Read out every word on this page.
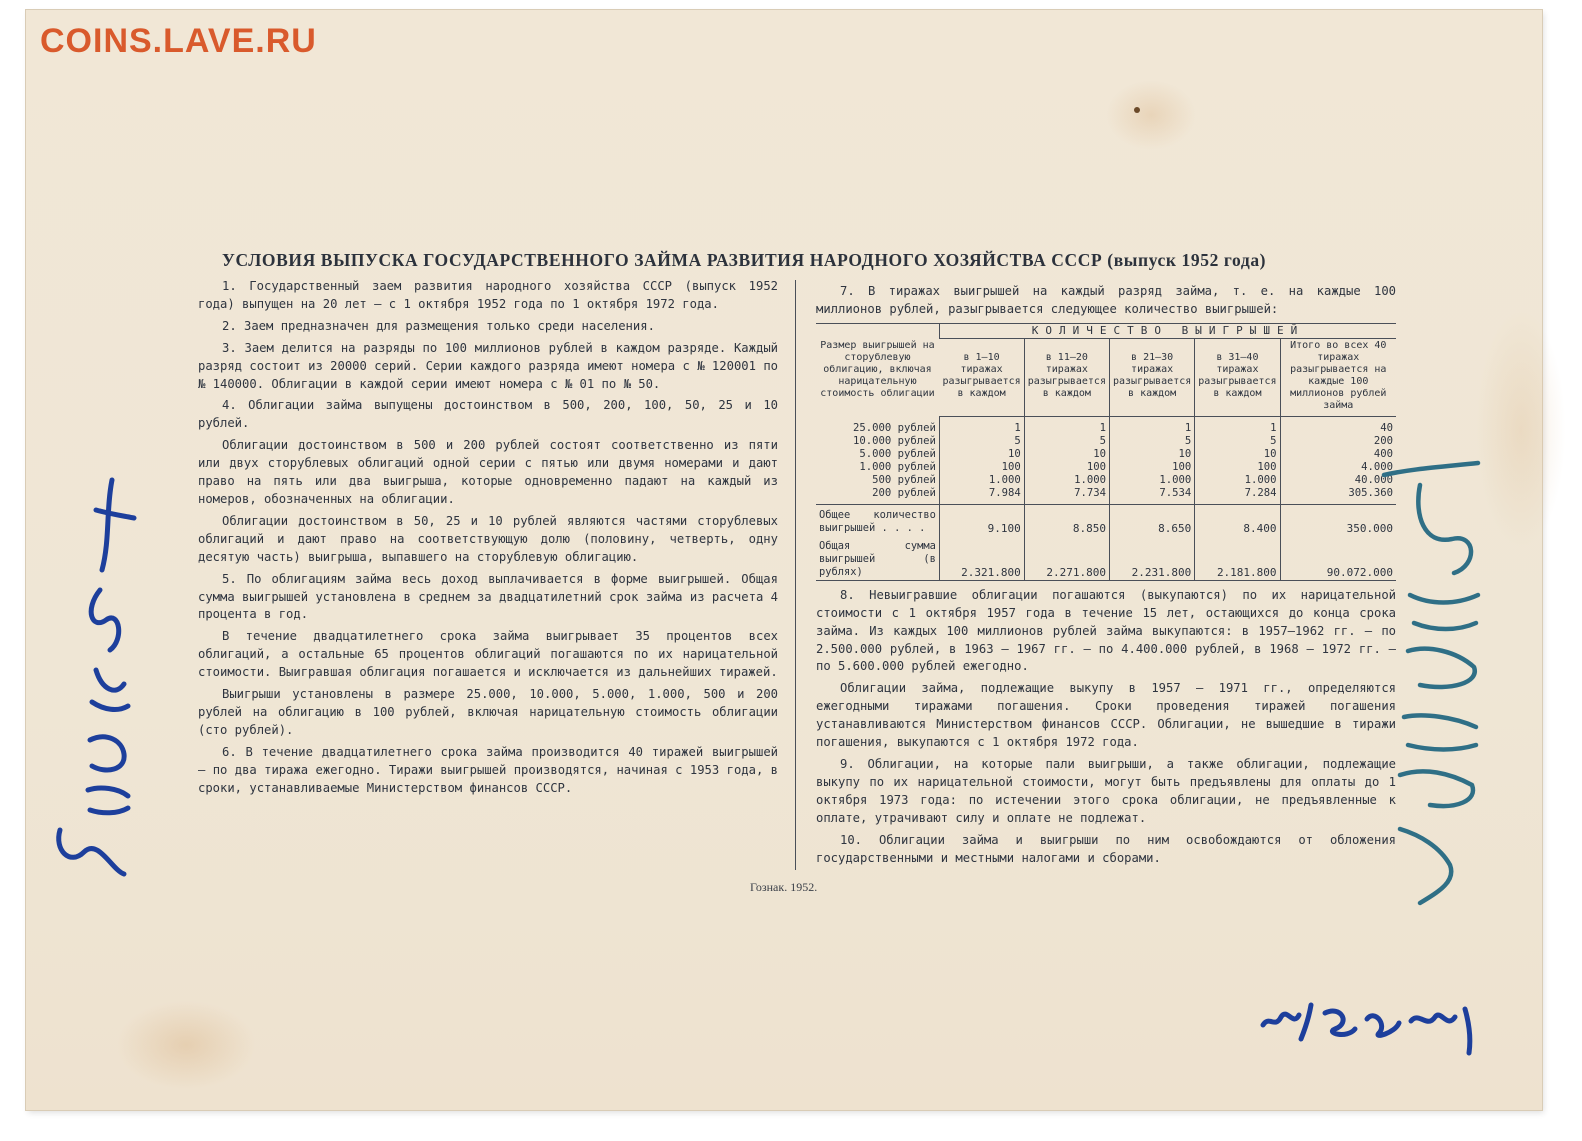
COINS.LAVE.RU
УСЛОВИЯ ВЫПУСКА ГОСУДАРСТВЕННОГО ЗАЙМА РАЗВИТИЯ НАРОДНОГО ХОЗЯЙСТВА СССР (выпуск 1952 года)

1. Государственный заем развития народного хозяйства СССР (выпуск 1952 года) выпущен на 20 лет — с 1 октября 1952 года по 1 октября 1972 года.

2. Заем предназначен для размещения только среди населения.

3. Заем делится на разряды по 100 миллионов рублей в каждом разряде. Каждый разряд состоит из 20000 серий. Серии каждого разряда имеют номера с № 120001 по № 140000. Облигации в каждой серии имеют номера с № 01 по № 50.

4. Облигации займа выпущены достоинством в 500, 200, 100, 50, 25 и 10 рублей.

Облигации достоинством в 500 и 200 рублей состоят соответственно из пяти или двух сторублевых облигаций одной серии с пятью или двумя номерами и дают право на пять или два выигрыша, которые одновременно падают на каждый из номеров, обозначенных на облигации.

Облигации достоинством в 50, 25 и 10 рублей являются частями сторублевых облигаций и дают право на соответствующую долю (половину, четверть, одну десятую часть) выигрыша, выпавшего на сторублевую облигацию.

5. По облигациям займа весь доход выплачивается в форме выигрышей. Общая сумма выигрышей установлена в среднем за двадцатилетний срок займа из расчета 4 процента в год.

В течение двадцатилетнего срока займа выигрывает 35 процентов всех облигаций, а остальные 65 процентов облигаций погашаются по их нарицательной стоимости. Выигравшая облигация погашается и исключается из дальнейших тиражей.

Выигрыши установлены в размере 25.000, 10.000, 5.000, 1.000, 500 и 200 рублей на облигацию в 100 рублей, включая нарицательную стоимость облигации (сто рублей).

6. В течение двадцатилетнего срока займа производится 40 тиражей выигрышей — по два тиража ежегодно. Тиражи выигрышей производятся, начиная с 1953 года, в сроки, устанавливаемые Министерством финансов СССР.

7. В тиражах выигрышей на каждый разряд займа, т. е. на каждые 100 миллионов рублей, разыгрывается следующее количество выигрышей:

Размер выигрышей на сторублевую облигацию, включая нарицательную стоимость облигации	КОЛИЧЕСТВО ВЫИГРЫШЕЙ				
	в 1—10 тиражах разыгрывается в каждом	в 11—20 тиражах разыгрывается в каждом	в 21—30 тиражах разыгрывается в каждом	в 31—40 тиражах разыгрывается в каждом	Итого во всех 40 тиражах разыгрывается на каждые 100 миллионов рублей займа
25.000 рублей	1	1	1	1	40
10.000 рублей	5	5	5	5	200
5.000 рублей	10	10	10	10	400
1.000 рублей	100	100	100	100	4.000
500 рублей	1.000	1.000	1.000	1.000	40.000
200 рублей	7.984	7.734	7.534	7.284	305.360
Общее количество выигрышей . . . .	9.100	8.850	8.650	8.400	350.000
Общая сумма выигрышей (в рублях)	2.321.800	2.271.800	2.231.800	2.181.800	90.072.000

8. Невыигравшие облигации погашаются (выкупаются) по их нарицательной стоимости с 1 октября 1957 года в течение 15 лет, остающихся до конца срока займа. Из каждых 100 миллионов рублей займа выкупаются: в 1957—1962 гг. — по 2.500.000 рублей, в 1963 — 1967 гг. — по 4.400.000 рублей, в 1968 — 1972 гг. — по 5.600.000 рублей ежегодно.

Облигации займа, подлежащие выкупу в 1957 — 1971 гг., определяются ежегодными тиражами погашения. Сроки проведения тиражей погашения устанавливаются Министерством финансов СССР. Облигации, не вышедшие в тиражи погашения, выкупаются с 1 октября 1972 года.

9. Облигации, на которые пали выигрыши, а также облигации, подлежащие выкупу по их нарицательной стоимости, могут быть предъявлены для оплаты до 1 октября 1973 года: по истечении этого срока облигации, не предъявленные к оплате, утрачивают силу и оплате не подлежат.

10. Облигации займа и выигрыши по ним освобождаются от обложения государственными и местными налогами и сборами.

Гознак. 1952.
